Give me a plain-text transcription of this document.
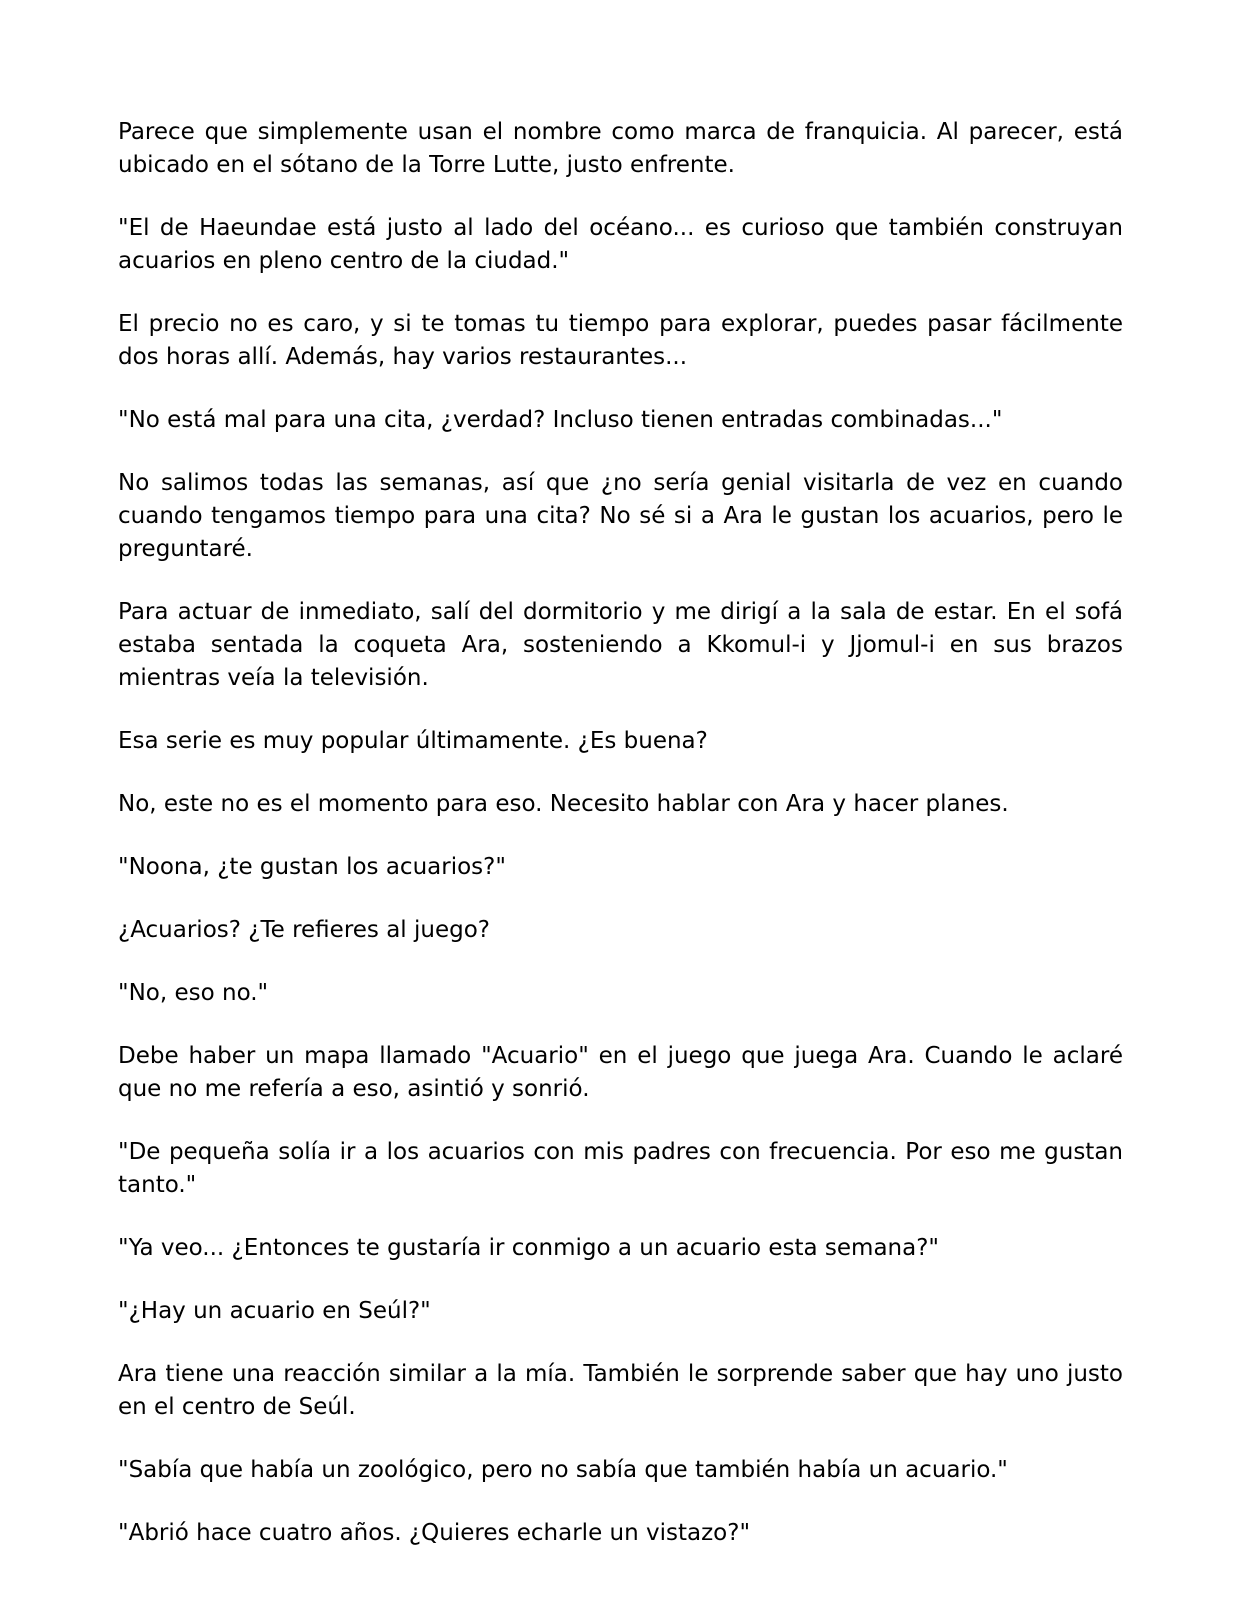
Parece que simplemente usan el nombre como marca de franquicia. Al parecer, está ubicado en el sótano de la Torre Lutte, justo enfrente.

"El de Haeundae está justo al lado del océano... es curioso que también construyan acuarios en pleno centro de la ciudad."

El precio no es caro, y si te tomas tu tiempo para explorar, puedes pasar fácilmente dos horas allí. Además, hay varios restaurantes...

"No está mal para una cita, ¿verdad? Incluso tienen entradas combinadas..."

No salimos todas las semanas, así que ¿no sería genial visitarla de vez en cuando cuando tengamos tiempo para una cita? No sé si a Ara le gustan los acuarios, pero le preguntaré.

Para actuar de inmediato, salí del dormitorio y me dirigí a la sala de estar. En el sofá estaba sentada la coqueta Ara, sosteniendo a Kkomul-i y Jjomul-i en sus brazos mientras veía la televisión.

Esa serie es muy popular últimamente. ¿Es buena?

No, este no es el momento para eso. Necesito hablar con Ara y hacer planes.

"Noona, ¿te gustan los acuarios?"

¿Acuarios? ¿Te refieres al juego?

"No, eso no."

Debe haber un mapa llamado "Acuario" en el juego que juega Ara. Cuando le aclaré que no me refería a eso, asintió y sonrió.

"De pequeña solía ir a los acuarios con mis padres con frecuencia. Por eso me gustan tanto."

"Ya veo... ¿Entonces te gustaría ir conmigo a un acuario esta semana?"

"¿Hay un acuario en Seúl?"

Ara tiene una reacción similar a la mía. También le sorprende saber que hay uno justo en el centro de Seúl.

"Sabía que había un zoológico, pero no sabía que también había un acuario."

"Abrió hace cuatro años. ¿Quieres echarle un vistazo?"
